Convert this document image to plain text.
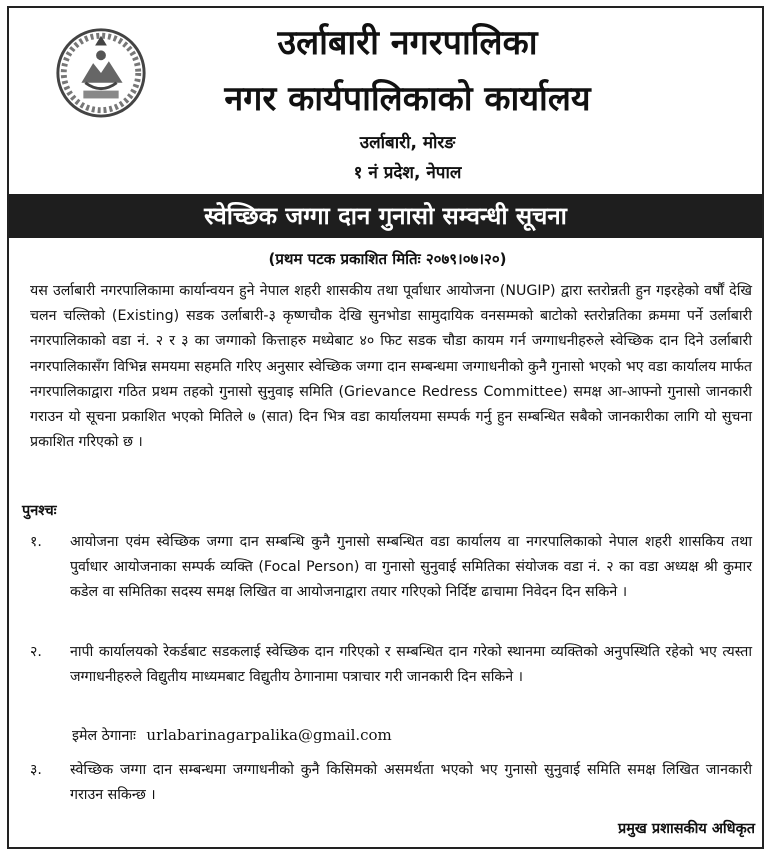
उर्लाबारी नगरपालिका
नगर कार्यपालिकाको कार्यालय
उर्लाबारी, मोरङ
१ नं प्रदेश, नेपाल
स्वेच्छिक जग्गा दान गुनासो सम्वन्धी सूचना
(प्रथम पटक प्रकाशित मितिः २०७९।०७।२०)
यस उर्लाबारी नगरपालिकामा कार्यान्वयन हुने नेपाल शहरी शासकीय तथा पूर्वाधार आयोजना (NUGIP) द्वारा स्तरोन्नती हुन गइरहेको वर्षौं देखि चलन चल्तिको (Existing) सडक उर्लाबारी-३ कृष्णचौक देखि सुनभोडा सामुदायिक वनसम्मको बाटोको स्तरोन्नतिका क्रममा पर्ने उर्लाबारी नगरपालिकाको वडा नं. २ र ३ का जग्गाको कित्ताहरु मध्येबाट ४० फिट सडक चौडा कायम गर्न जग्गाधनीहरुले स्वेच्छिक दान दिने उर्लाबारी नगरपालिकासँग विभिन्न समयमा सहमति गरिए अनुसार स्वेच्छिक जग्गा दान सम्बन्धमा जग्गाधनीको कुनै गुनासो भएको भए वडा कार्यालय मार्फत नगरपालिकाद्वारा गठित प्रथम तहको गुनासो सुनुवाइ समिति (Grievance Redress Committee) समक्ष आ-आफ्नो गुनासो जानकारी गराउन यो सूचना प्रकाशित भएको मितिले ७ (सात) दिन भित्र वडा कार्यालयमा सम्पर्क गर्नु हुन सम्बन्धित सबैको जानकारीका लागि यो सुचना प्रकाशित गरिएको छ ।
पुनश्चः
१. आयोजना एवंम स्वेच्छिक जग्गा दान सम्बन्धि कुनै गुनासो सम्बन्धित वडा कार्यालय वा नगरपालिकाको नेपाल शहरी शासकिय तथा पुर्वाधार आयोजनाका सम्पर्क व्यक्ति (Focal Person) वा गुनासो सुनुवाई समितिका संयोजक वडा नं. २ का वडा अध्यक्ष श्री कुमार कडेल वा समितिका सदस्य समक्ष लिखित वा आयोजनाद्वारा तयार गरिएको निर्दिष्ट ढाचामा निवेदन दिन सकिने ।
२. नापी कार्यालयको रेकर्डबाट सडकलाई स्वेच्छिक दान गरिएको र सम्बन्धित दान गरेको स्थानमा व्यक्तिको अनुपस्थिति रहेको भए त्यस्ता जग्गाधनीहरुले विद्युतीय माध्यमबाट विद्युतीय ठेगानामा पत्राचार गरी जानकारी दिन सकिने ।
इमेल ठेगानाः urlabarinagarpalika@gmail.com
३. स्वेच्छिक जग्गा दान सम्बन्धमा जग्गाधनीको कुनै किसिमको असमर्थता भएको भए गुनासो सुनुवाई समिति समक्ष लिखित जानकारी गराउन सकिन्छ ।
प्रमुख प्रशासकीय अधिकृत
